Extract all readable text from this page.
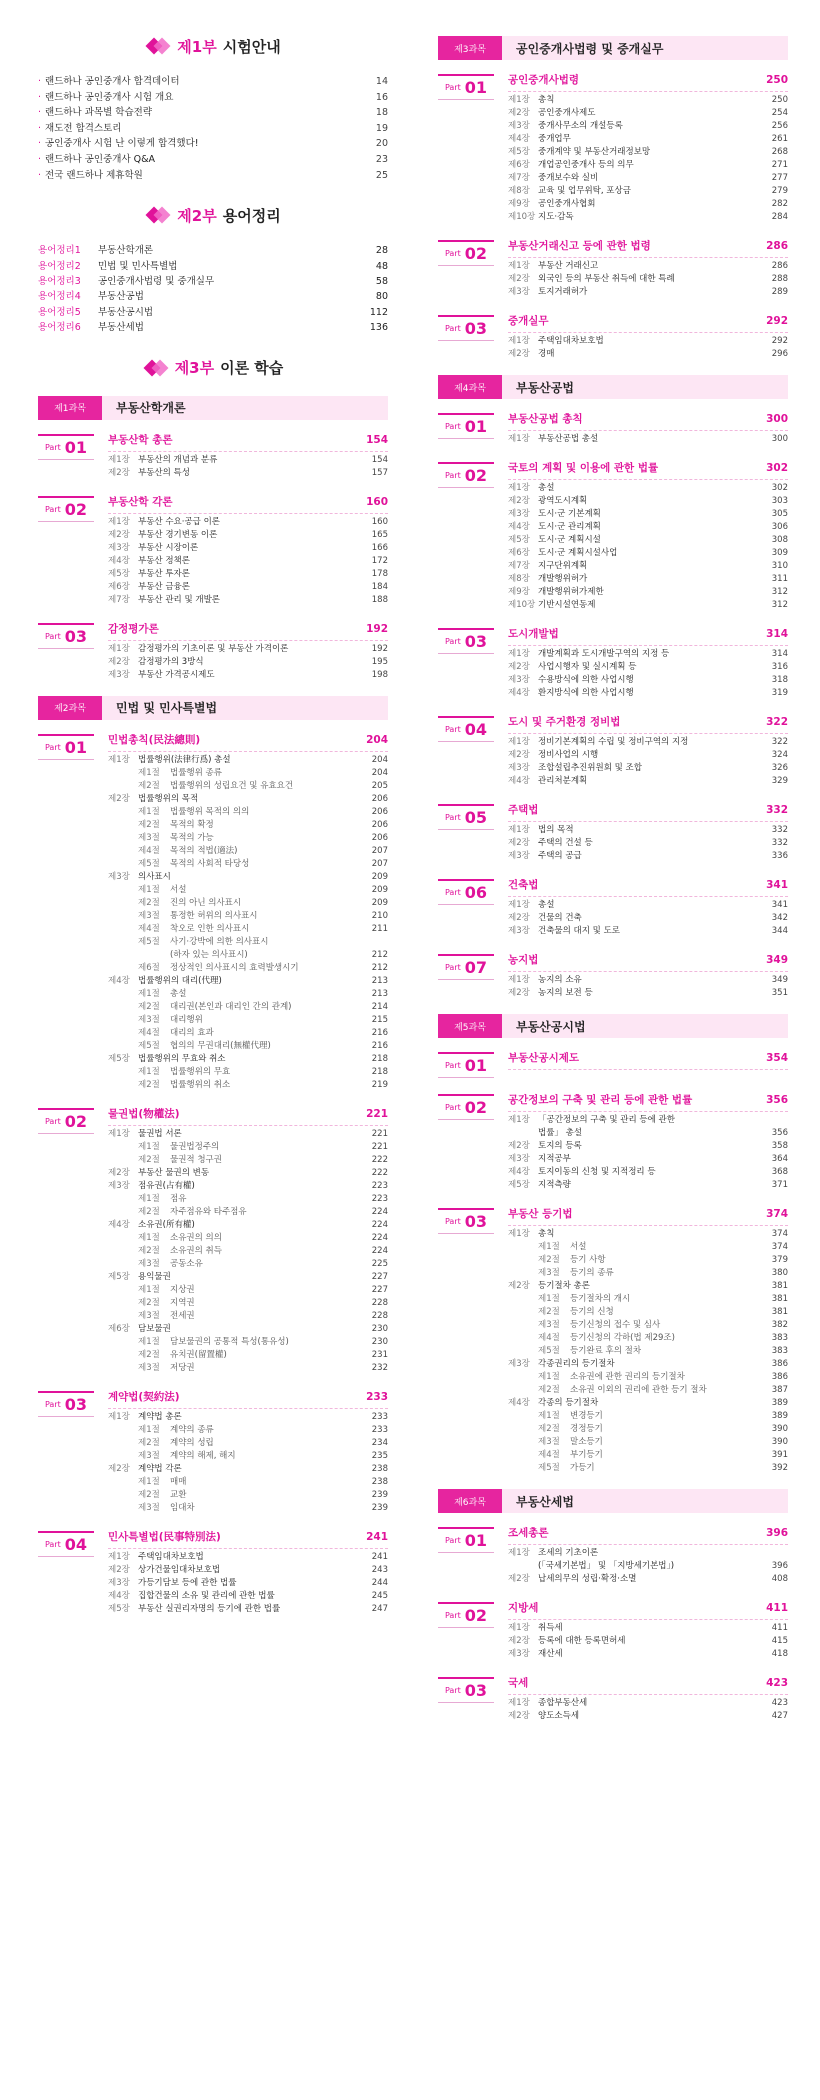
제1부 시험안내
· 랜드하나 공인중개사 합격데이터	14
· 랜드하나 공인중개사 시험 개요	16
· 랜드하나 과목별 학습전략	18
· 재도전 합격스토리	19
· 공인중개사 시험 난 이렇게 합격했다!	20
· 랜드하나 공인중개사 Q&A	23
· 전국 랜드하나 제휴학원	25
제2부 용어정리
용어정리1	부동산학개론	28
용어정리2	민법 및 민사특별법	48
용어정리3	공인중개사법령 및 중개실무	58
용어정리4	부동산공법	80
용어정리5	부동산공시법	112
용어정리6	부동산세법	136
제3부 이론 학습
제1과목	부동산학개론
Part 01 부동산학 총론	154
제1장 부동산의 개념과 분류	154
제2장 부동산의 특성	157
Part 02 부동산학 각론	160
제1장 부동산 수요·공급 이론	160
제2장 부동산 경기변동 이론	165
제3장 부동산 시장이론	166
제4장 부동산 정책론	172
제5장 부동산 투자론	178
제6장 부동산 금융론	184
제7장 부동산 관리 및 개발론	188
Part 03 감정평가론	192
제1장 감정평가의 기초이론 및 부동산 가격이론	192
제2장 감정평가의 3방식	195
제3장 부동산 가격공시제도	198
제2과목	민법 및 민사특별법
Part 01 민법총칙(民法總則)	204
제1장 법률행위(法律行爲) 총설	204
제1절	법률행위 종류	204
제2절	법률행위의 성립요건 및 유효요건	205
제2장 법률행위의 목적	206
제1절	법률행위 목적의 의의	206
제2절	목적의 확정	206
제3절	목적의 가능	206
제4절	목적의 적법(適法)	207
제5절	목적의 사회적 타당성	207
제3장 의사표시	209
제1절	서설	209
제2절	진의 아닌 의사표시	209
제3절	통정한 허위의 의사표시	210
제4절	착오로 인한 의사표시	211
제5절	사기·강박에 의한 의사표시
(하자 있는 의사표시)	212
제6절	정상적인 의사표시의 효력발생시기	212
제4장 법률행위의 대리(代理)	213
제1절	총설	213
제2절	대리권(본인과 대리인 간의 관계)	214
제3절	대리행위	215
제4절	대리의 효과	216
제5절	협의의 무권대리(無權代理)	216
제5장 법률행위의 무효와 취소	218
제1절	법률행위의 무효	218
제2절	법률행위의 취소	219
Part 02 물권법(物權法)	221
제1장 물권법 서론	221
제1절	물권법정주의	221
제2절	물권적 청구권	222
제2장 부동산 물권의 변동	222
제3장 점유권(占有權)	223
제1절	점유	223
제2절	자주점유와 타주점유	224
제4장 소유권(所有權)	224
제1절	소유권의 의의	224
제2절	소유권의 취득	224
제3절	공동소유	225
제5장 용익물권	227
제1절	지상권	227
제2절	지역권	228
제3절	전세권	228
제6장 담보물권	230
제1절	담보물권의 공통적 특성(통유성)	230
제2절	유치권(留置權)	231
제3절	저당권	232
Part 03 계약법(契約法)	233
제1장 계약법 총론	233
제1절	계약의 종류	233
제2절	계약의 성립	234
제3절	계약의 해제, 해지	235
제2장 계약법 각론	238
제1절	매매	238
제2절	교환	239
제3절	임대차	239
Part 04 민사특별법(民事特別法)	241
제1장 주택임대차보호법	241
제2장 상가건물임대차보호법	243
제3장 가등기담보 등에 관한 법률	244
제4장 집합건물의 소유 및 관리에 관한 법률	245
제5장 부동산 실권리자명의 등기에 관한 법률	247
제3과목	공인중개사법령 및 중개실무
Part 01 공인중개사법령	250
제1장 총칙	250
제2장 공인중개사제도	254
제3장 중개사무소의 개설등록	256
제4장 중개업무	261
제5장 중개계약 및 부동산거래정보망	268
제6장 개업공인중개사 등의 의무	271
제7장 중개보수와 실비	277
제8장 교육 및 업무위탁, 포상금	279
제9장 공인중개사협회	282
제10장 지도·감독	284
Part 02 부동산거래신고 등에 관한 법령	286
제1장 부동산 거래신고	286
제2장 외국인 등의 부동산 취득에 대한 특례	288
제3장 토지거래허가	289
Part 03 중개실무	292
제1장 주택임대차보호법	292
제2장 경매	296
제4과목	부동산공법
Part 01 부동산공법 총칙	300
제1장 부동산공법 총설	300
Part 02 국토의 계획 및 이용에 관한 법률	302
제1장 총설	302
제2장 광역도시계획	303
제3장 도시·군 기본계획	305
제4장 도시·군 관리계획	306
제5장 도시·군 계획시설	308
제6장 도시·군 계획시설사업	309
제7장 지구단위계획	310
제8장 개발행위허가	311
제9장 개발행위허가제한	312
제10장 기반시설연동제	312
Part 03 도시개발법	314
제1장 개발계획과 도시개발구역의 지정 등	314
제2장 사업시행자 및 실시계획 등	316
제3장 수용방식에 의한 사업시행	318
제4장 환지방식에 의한 사업시행	319
Part 04 도시 및 주거환경 정비법	322
제1장 정비기본계획의 수립 및 정비구역의 지정	322
제2장 정비사업의 시행	324
제3장 조합설립추진위원회 및 조합	326
제4장 관리처분계획	329
Part 05 주택법	332
제1장 법의 목적	332
제2장 주택의 건설 등	332
제3장 주택의 공급	336
Part 06 건축법	341
제1장 총설	341
제2장 건물의 건축	342
제3장 건축물의 대지 및 도로	344
Part 07 농지법	349
제1장 농지의 소유	349
제2장 농지의 보전 등	351
제5과목	부동산공시법
Part 01 부동산공시제도	354
Part 02 공간정보의 구축 및 관리 등에 관한 법률	356
제1장 「공간정보의 구축 및 관리 등에 관한
법률」 총설	356
제2장 토지의 등록	358
제3장 지적공부	364
제4장 토지이동의 신청 및 지적정리 등	368
제5장 지적측량	371
Part 03 부동산 등기법	374
제1장 총칙	374
제1절	서설	374
제2절	등기 사항	379
제3절	등기의 종류	380
제2장 등기절차 총론	381
제1절	등기절차의 개시	381
제2절	등기의 신청	381
제3절	등기신청의 접수 및 심사	382
제4절	등기신청의 각하(법 제29조)	383
제5절	등기완료 후의 절차	383
제3장 각종권리의 등기절차	386
제1절	소유권에 관한 권리의 등기절차	386
제2절	소유권 이외의 권리에 관한 등기 절차	387
제4장 각종의 등기절차	389
제1절	변경등기	389
제2절	경정등기	390
제3절	말소등기	390
제4절	부기등기	391
제5절	가등기	392
제6과목	부동산세법
Part 01 조세총론	396
제1장 조세의 기초이론
(「국세기본법」 및 「지방세기본법」)	396
제2장 납세의무의 성립·확정·소멸	408
Part 02 지방세	411
제1장 취득세	411
제2장 등록에 대한 등록면허세	415
제3장 재산세	418
Part 03 국세	423
제1장 종합부동산세	423
제2장 양도소득세	427
